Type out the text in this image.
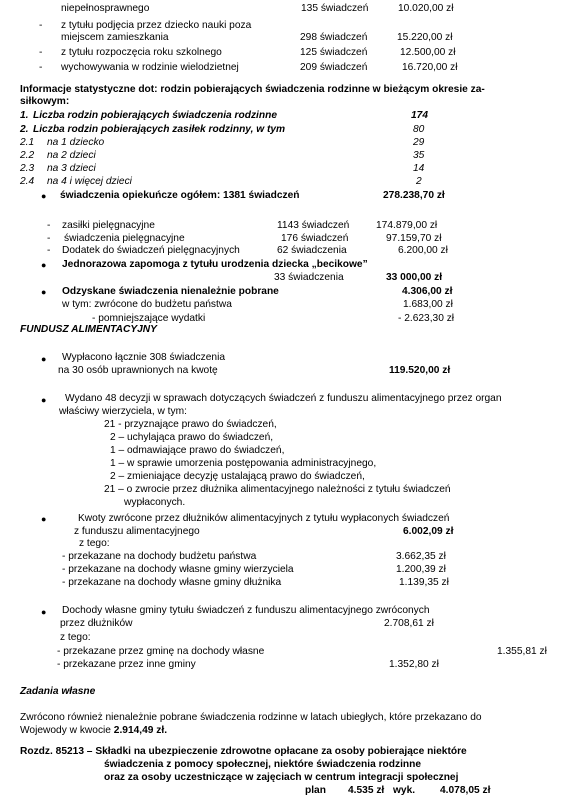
niepełnosprawnego	135 świadczeń	10.020,00 zł
- z tytułu podjęcia przez dziecko nauki poza
miejscem zamieszkania	298 świadczeń	15.220,00 zł
- z tytułu rozpoczęcia roku szkolnego	125 świadczeń	12.500,00 zł
- wychowywania w rodzinie wielodzietnej	209 świadczeń	16.720,00 zł
Informacje statystyczne dot: rodzin pobierających świadczenia rodzinne w bieżącym okresie za-
siłkowym:
1. Liczba rodzin pobierających świadczenia rodzinne	174
2. Liczba rodzin pobierających zasiłek rodzinny, w tym	80
2.1 na 1 dziecko	29
2.2 na 2 dzieci	35
2.3 na 3 dzieci	14
2.4 na 4 i więcej dzieci	2
● świadczenia opiekuńcze ogółem: 1381 świadczeń	278.238,70 zł
- zasiłki pielęgnacyjne	1143 świadczeń	174.879,00 zł
- świadczenia pielęgnacyjne	176 świadczeń	97.159,70 zł
- Dodatek do świadczeń pielęgnacyjnych	62 świadczenia	6.200,00 zł
● Jednorazowa zapomoga z tytułu urodzenia dziecka „becikowe”
33 świadczenia	33 000,00 zł
● Odzyskane świadczenia nienależnie pobrane	4.306,00 zł
w tym: zwrócone do budżetu państwa	1.683,00 zł
- pomniejszające wydatki	- 2.623,30 zł
FUNDUSZ ALIMENTACYJNY
● Wypłacono łącznie 308 świadczenia
na 30 osób uprawnionych na kwotę	119.520,00 zł
● Wydano 48 decyzji w sprawach dotyczących świadczeń z funduszu alimentacyjnego przez organ
właściwy wierzyciela, w tym:
21 - przyznające prawo do świadczeń,
2 – uchylająca prawo do świadczeń,
1 – odmawiające prawo do świadczeń,
1 – w sprawie umorzenia postępowania administracyjnego,
2 – zmieniające decyzję ustalającą prawo do świadczeń,
21 – o zwrocie przez dłużnika alimentacyjnego należności z tytułu świadczeń
wypłaconych.
●	Kwoty zwrócone przez dłużników alimentacyjnych z tytułu wypłaconych świadczeń
z funduszu alimentacyjnego	6.002,09 zł
z tego:
- przekazane na dochody budżetu państwa	3.662,35 zł
- przekazane na dochody własne gminy wierzyciela	1.200,39 zł
- przekazane na dochody własne gminy dłużnika	1.139,35 zł
● Dochody własne gminy tytułu świadczeń z funduszu alimentacyjnego zwróconych
przez dłużników	2.708,61 zł
z tego:
- przekazane przez gminę na dochody własne	1.355,81 zł
- przekazane przez inne gminy	1.352,80 zł
Zadania własne
Zwrócono również nienależnie pobrane świadczenia rodzinne w latach ubiegłych, które przekazano do
Wojewody w kwocie 2.914,49 zł.
Rozdz. 85213 – Składki na ubezpieczenie zdrowotne opłacane za osoby pobierające niektóre
świadczenia z pomocy społecznej, niektóre świadczenia rodzinne
oraz za osoby uczestniczące w zajęciach w centrum integracji społecznej
plan 4.535 zł wyk. 4.078,05 zł
